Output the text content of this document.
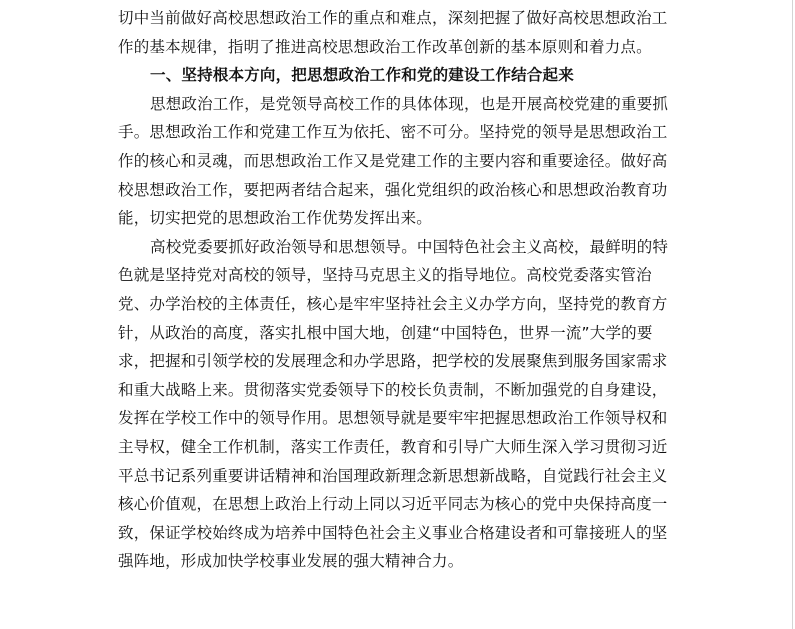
切中当前做好高校思想政治工作的重点和难点，深刻把握了做好高校思想政治工
作的基本规律，指明了推进高校思想政治工作改革创新的基本原则和着力点。
一、坚持根本方向，把思想政治工作和党的建设工作结合起来
思想政治工作，是党领导高校工作的具体体现，也是开展高校党建的重要抓
手。思想政治工作和党建工作互为依托、密不可分。坚持党的领导是思想政治工
作的核心和灵魂，而思想政治工作又是党建工作的主要内容和重要途径。做好高
校思想政治工作，要把两者结合起来，强化党组织的政治核心和思想政治教育功
能，切实把党的思想政治工作优势发挥出来。
高校党委要抓好政治领导和思想领导。中国特色社会主义高校，最鲜明的特
色就是坚持党对高校的领导，坚持马克思主义的指导地位。高校党委落实管治
党、办学治校的主体责任，核心是牢牢坚持社会主义办学方向，坚持党的教育方
针，从政治的高度，落实扎根中国大地，创建“中国特色，世界一流”大学的要
求，把握和引领学校的发展理念和办学思路，把学校的发展聚焦到服务国家需求
和重大战略上来。贯彻落实党委领导下的校长负责制，不断加强党的自身建设，
发挥在学校工作中的领导作用。思想领导就是要牢牢把握思想政治工作领导权和
主导权，健全工作机制，落实工作责任，教育和引导广大师生深入学习贯彻习近
平总书记系列重要讲话精神和治国理政新理念新思想新战略，自觉践行社会主义
核心价值观，在思想上政治上行动上同以习近平同志为核心的党中央保持高度一
致，保证学校始终成为培养中国特色社会主义事业合格建设者和可靠接班人的坚
强阵地，形成加快学校事业发展的强大精神合力。
